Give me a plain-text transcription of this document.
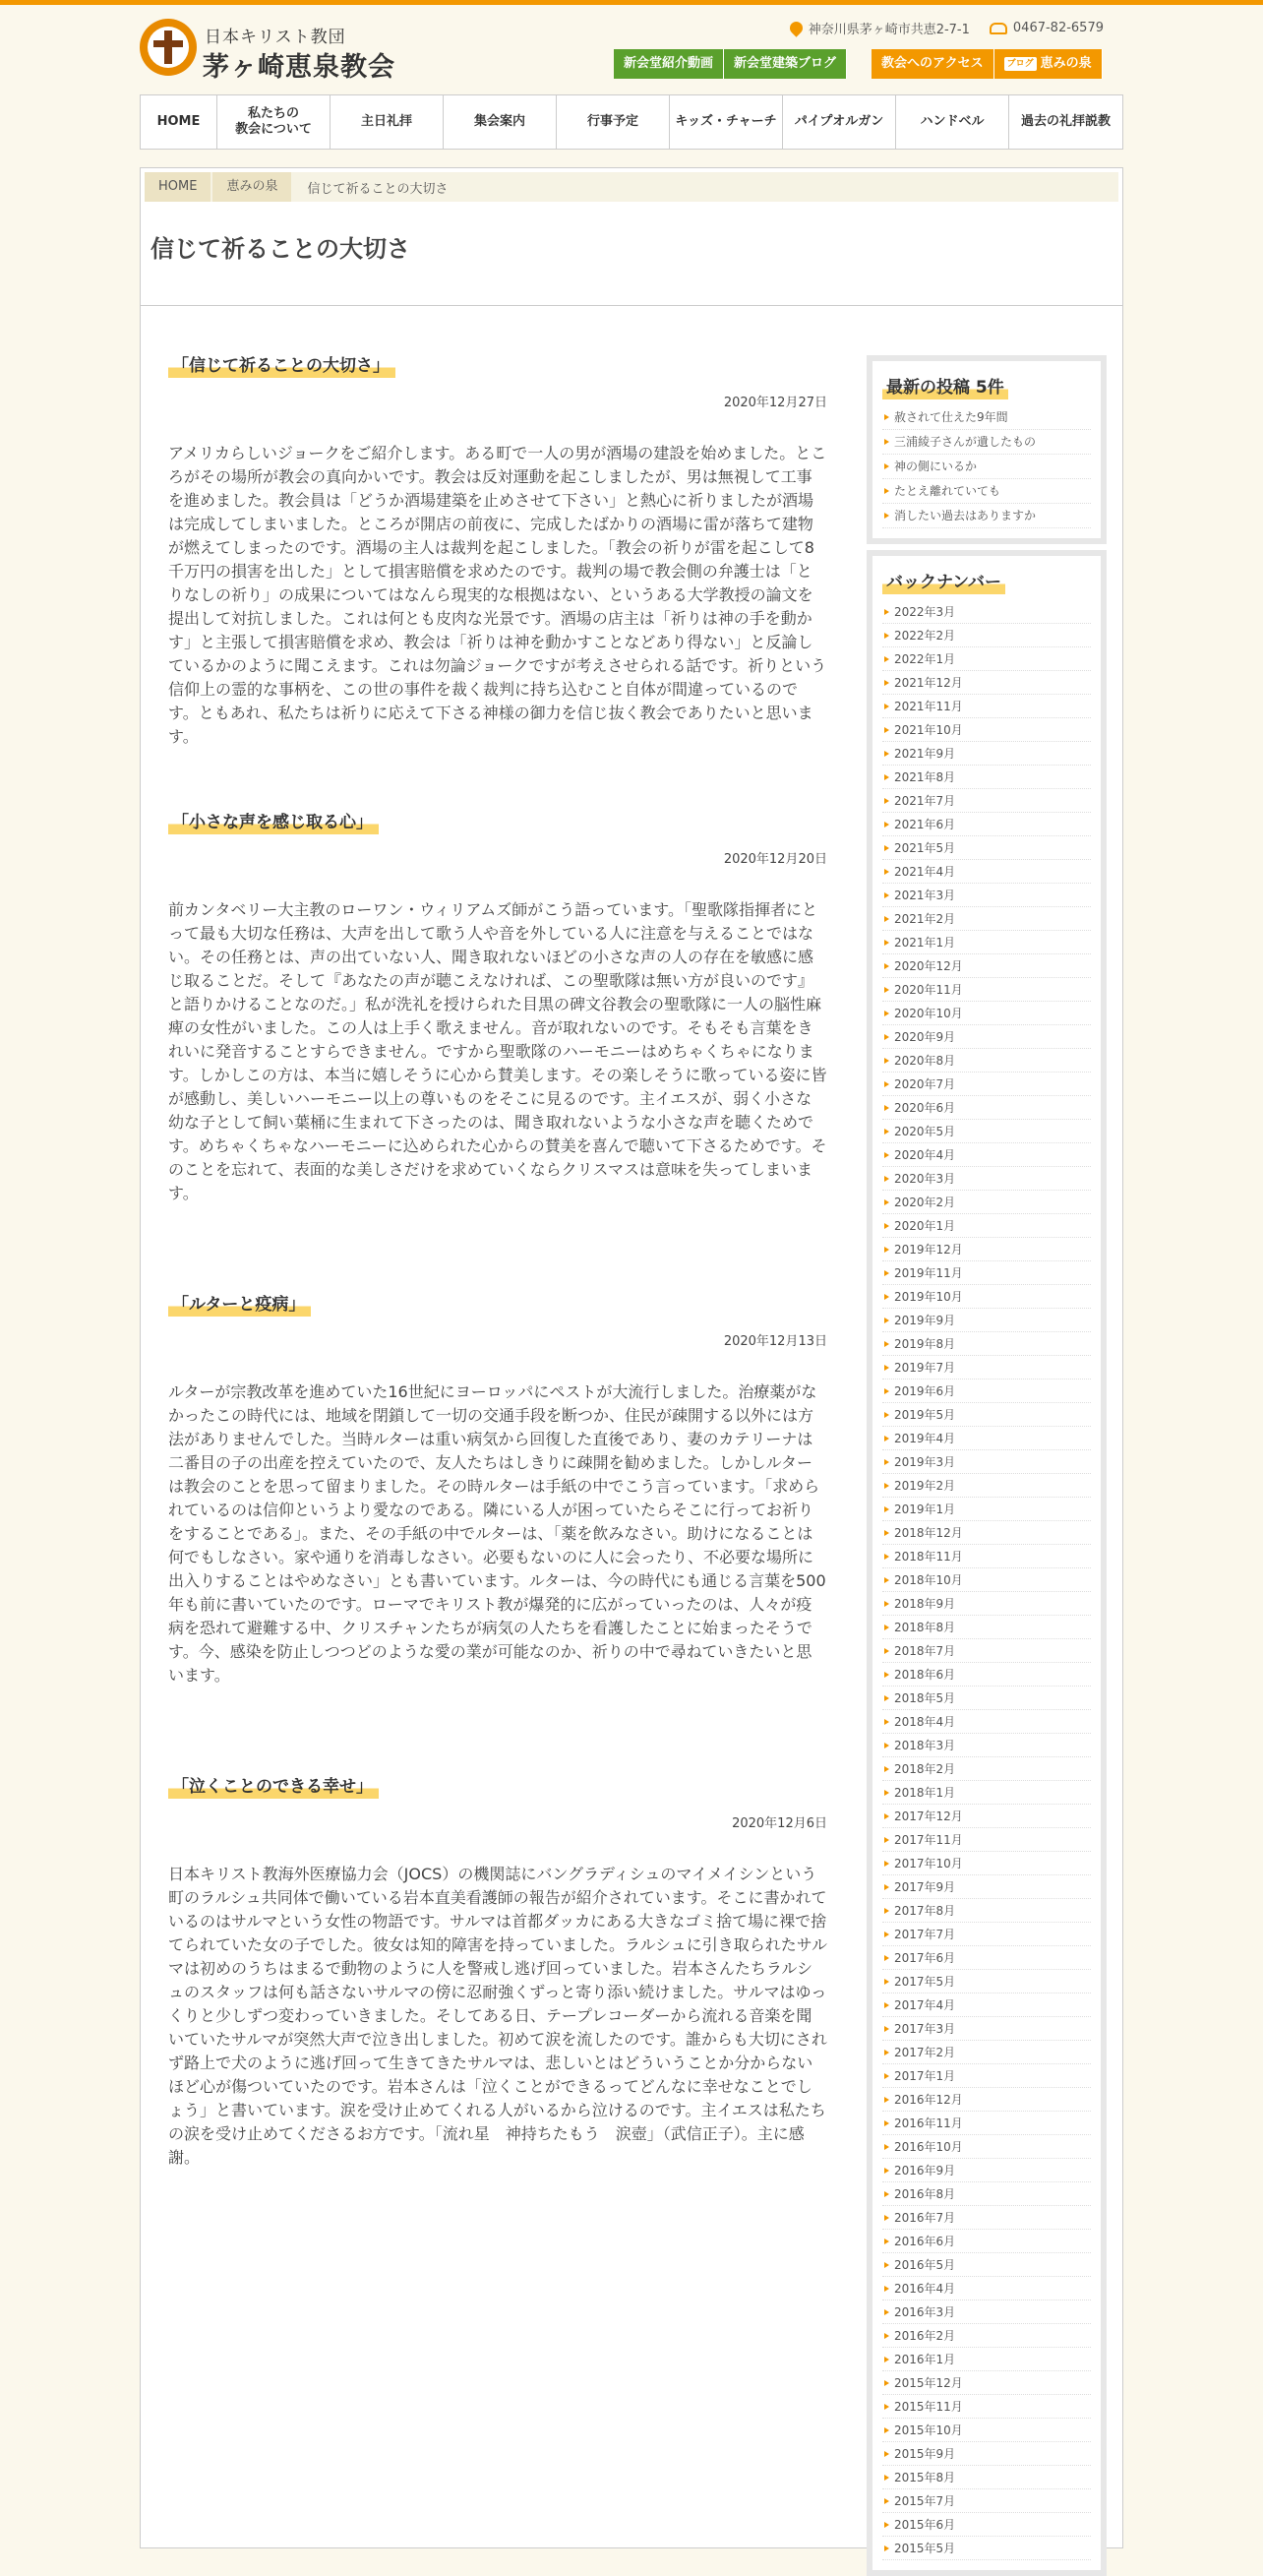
日本キリスト教団
茅ヶ崎恵泉教会
神奈川県茅ヶ崎市共恵2-7-1	0467-82-6579
新会堂紹介動画	新会堂建築ブログ	教会へのアクセス	ブログ 恵みの泉
HOME
私たちの
教会について
主日礼拝	集会案内	行事予定	キッズ・チャーチ	パイプオルガン	ハンドベル	過去の礼拝説教
HOME	恵みの泉	信じて祈ることの大切さ
信じて祈ることの大切さ
「信じて祈ることの大切さ」
2020年12月27日
アメリカらしいジョークをご紹介します。ある町で一人の男が酒場の建設を始めました。ところがその場所が教会の真向かいです。教会は反対運動を起こしましたが、男は無視して工事を進めました。教会員は「どうか酒場建築を止めさせて下さい」と熱心に祈りましたが酒場は完成してしまいました。ところが開店の前夜に、完成したばかりの酒場に雷が落ちて建物が燃えてしまったのです。酒場の主人は裁判を起こしました。「教会の祈りが雷を起こして8千万円の損害を出した」として損害賠償を求めたのです。裁判の場で教会側の弁護士は「とりなしの祈り」の成果についてはなんら現実的な根拠はない、というある大学教授の論文を提出して対抗しました。これは何とも皮肉な光景です。酒場の店主は「祈りは神の手を動かす」と主張して損害賠償を求め、教会は「祈りは神を動かすことなどあり得ない」と反論しているかのように聞こえます。これは勿論ジョークですが考えさせられる話です。祈りという信仰上の霊的な事柄を、この世の事件を裁く裁判に持ち込むこと自体が間違っているのです。ともあれ、私たちは祈りに応えて下さる神様の御力を信じ抜く教会でありたいと思います。
「小さな声を感じ取る心」
2020年12月20日
前カンタベリー大主教のローワン・ウィリアムズ師がこう語っています。「聖歌隊指揮者にとって最も大切な任務は、大声を出して歌う人や音を外している人に注意を与えることではない。その任務とは、声の出ていない人、聞き取れないほどの小さな声の人の存在を敏感に感じ取ることだ。そして『あなたの声が聴こえなければ、この聖歌隊は無い方が良いのです』と語りかけることなのだ。」私が洗礼を授けられた目黒の碑文谷教会の聖歌隊に一人の脳性麻痺の女性がいました。この人は上手く歌えません。音が取れないのです。そもそも言葉をきれいに発音することすらできません。ですから聖歌隊のハーモニーはめちゃくちゃになります。しかしこの方は、本当に嬉しそうに心から賛美します。その楽しそうに歌っている姿に皆が感動し、美しいハーモニー以上の尊いものをそこに見るのです。主イエスが、弱く小さな幼な子として飼い葉桶に生まれて下さったのは、聞き取れないような小さな声を聴くためです。めちゃくちゃなハーモニーに込められた心からの賛美を喜んで聴いて下さるためです。そのことを忘れて、表面的な美しさだけを求めていくならクリスマスは意味を失ってしまいます。
「ルターと疫病」
2020年12月13日
ルターが宗教改革を進めていた16世紀にヨーロッパにペストが大流行しました。治療薬がなかったこの時代には、地域を閉鎖して一切の交通手段を断つか、住民が疎開する以外には方法がありませんでした。当時ルターは重い病気から回復した直後であり、妻のカテリーナは二番目の子の出産を控えていたので、友人たちはしきりに疎開を勧めました。しかしルターは教会のことを思って留まりました。その時ルターは手紙の中でこう言っています。「求められているのは信仰というより愛なのである。隣にいる人が困っていたらそこに行ってお祈りをすることである」。また、その手紙の中でルターは、「薬を飲みなさい。助けになることは何でもしなさい。家や通りを消毒しなさい。必要もないのに人に会ったり、不必要な場所に出入りすることはやめなさい」とも書いています。ルターは、今の時代にも通じる言葉を500年も前に書いていたのです。ローマでキリスト教が爆発的に広がっていったのは、人々が疫病を恐れて避難する中、クリスチャンたちが病気の人たちを看護したことに始まったそうです。今、感染を防止しつつどのような愛の業が可能なのか、祈りの中で尋ねていきたいと思います。
「泣くことのできる幸せ」
2020年12月6日
日本キリスト教海外医療協力会（JOCS）の機関誌にバングラディシュのマイメイシンという町のラルシュ共同体で働いている岩本直美看護師の報告が紹介されています。そこに書かれているのはサルマという女性の物語です。サルマは首都ダッカにある大きなゴミ捨て場に裸で捨てられていた女の子でした。彼女は知的障害を持っていました。ラルシュに引き取られたサルマは初めのうちはまるで動物のように人を警戒し逃げ回っていました。岩本さんたちラルシュのスタッフは何も話さないサルマの傍に忍耐強くずっと寄り添い続けました。サルマはゆっくりと少しずつ変わっていきました。そしてある日、テープレコーダーから流れる音楽を聞いていたサルマが突然大声で泣き出しました。初めて涙を流したのです。誰からも大切にされず路上で犬のように逃げ回って生きてきたサルマは、悲しいとはどういうことか分からないほど心が傷ついていたのです。岩本さんは「泣くことができるってどんなに幸せなことでしょう」と書いています。涙を受け止めてくれる人がいるから泣けるのです。主イエスは私たちの涙を受け止めてくださるお方です。「流れ星　神持ちたもう　涙壺」（武信正子）。主に感謝。
最新の投稿 5件
赦されて仕えた9年間
三浦綾子さんが遺したもの
神の側にいるか
たとえ離れていても
消したい過去はありますか
バックナンバー
2022年3月
2022年2月
2022年1月
2021年12月
2021年11月
2021年10月
2021年9月
2021年8月
2021年7月
2021年6月
2021年5月
2021年4月
2021年3月
2021年2月
2021年1月
2020年12月
2020年11月
2020年10月
2020年9月
2020年8月
2020年7月
2020年6月
2020年5月
2020年4月
2020年3月
2020年2月
2020年1月
2019年12月
2019年11月
2019年10月
2019年9月
2019年8月
2019年7月
2019年6月
2019年5月
2019年4月
2019年3月
2019年2月
2019年1月
2018年12月
2018年11月
2018年10月
2018年9月
2018年8月
2018年7月
2018年6月
2018年5月
2018年4月
2018年3月
2018年2月
2018年1月
2017年12月
2017年11月
2017年10月
2017年9月
2017年8月
2017年7月
2017年6月
2017年5月
2017年4月
2017年3月
2017年2月
2017年1月
2016年12月
2016年11月
2016年10月
2016年9月
2016年8月
2016年7月
2016年6月
2016年5月
2016年4月
2016年3月
2016年2月
2016年1月
2015年12月
2015年11月
2015年10月
2015年9月
2015年8月
2015年7月
2015年6月
2015年5月
